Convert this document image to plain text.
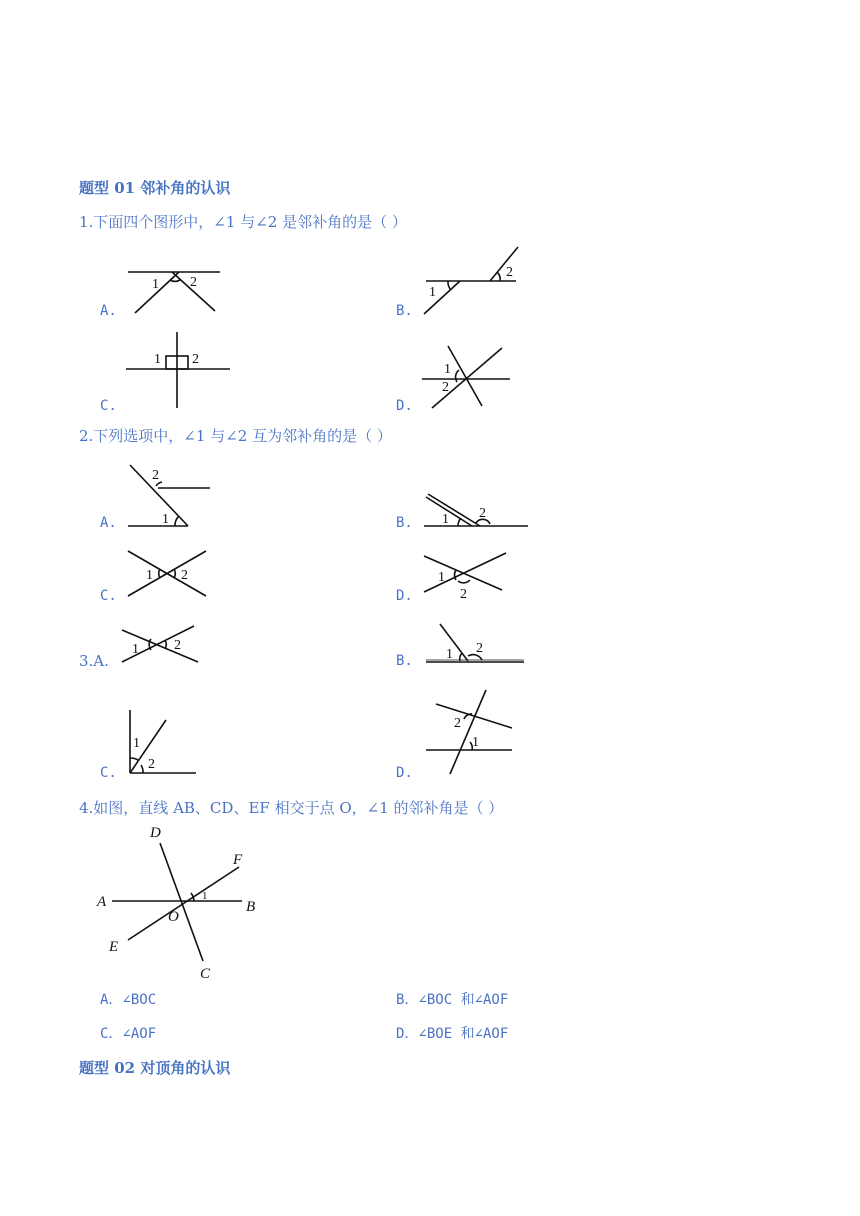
题型 01 邻补角的认识
1.下面四个图形中，∠1 与∠2 是邻补角的是（ ）
A.
1 2
B.
1
2
C.
1 2
D.
1
2
2.下列选项中，∠1 与∠2 互为邻补角的是（ ）
A.	1
2
B. 1 2
C.
1 2
D.
1
2
3.A.
1	2
B. 1 2
C.
1
2
D.
2
1
4.如图，直线 AB、CD、EF 相交于点 O，∠1 的邻补角是（ ）
D
F
A	B
O
1
E
C
A．∠BOC	B．∠BOC 和∠AOF
C．∠AOF	D．∠BOE 和∠AOF
题型 02 对顶角的认识
